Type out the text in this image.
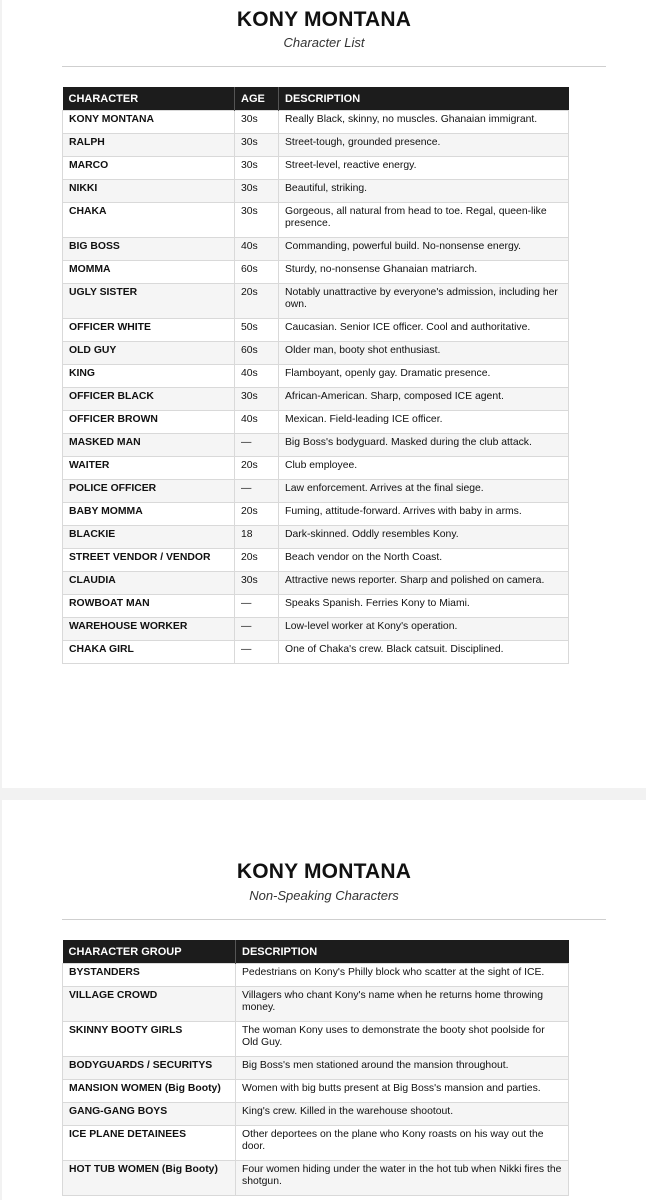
KONY MONTANA
Character List
CHARACTER	AGE	DESCRIPTION
KONY MONTANA	30s	Really Black, skinny, no muscles. Ghanaian immigrant.
RALPH	30s	Street-tough, grounded presence.
MARCO	30s	Street-level, reactive energy.
NIKKI	30s	Beautiful, striking.
CHAKA	30s	Gorgeous, all natural from head to toe. Regal, queen-like presence.
BIG BOSS	40s	Commanding, powerful build. No-nonsense energy.
MOMMA	60s	Sturdy, no-nonsense Ghanaian matriarch.
UGLY SISTER	20s	Notably unattractive by everyone's admission, including her own.
OFFICER WHITE	50s	Caucasian. Senior ICE officer. Cool and authoritative.
OLD GUY	60s	Older man, booty shot enthusiast.
KING	40s	Flamboyant, openly gay. Dramatic presence.
OFFICER BLACK	30s	African-American. Sharp, composed ICE agent.
OFFICER BROWN	40s	Mexican. Field-leading ICE officer.
MASKED MAN	—	Big Boss's bodyguard. Masked during the club attack.
WAITER	20s	Club employee.
POLICE OFFICER	—	Law enforcement. Arrives at the final siege.
BABY MOMMA	20s	Fuming, attitude-forward. Arrives with baby in arms.
BLACKIE	18	Dark-skinned. Oddly resembles Kony.
STREET VENDOR / VENDOR	20s	Beach vendor on the North Coast.
CLAUDIA	30s	Attractive news reporter. Sharp and polished on camera.
ROWBOAT MAN	—	Speaks Spanish. Ferries Kony to Miami.
WAREHOUSE WORKER	—	Low-level worker at Kony's operation.
CHAKA GIRL	—	One of Chaka's crew. Black catsuit. Disciplined.
KONY MONTANA
Non-Speaking Characters
CHARACTER GROUP	DESCRIPTION
BYSTANDERS	Pedestrians on Kony's Philly block who scatter at the sight of ICE.
VILLAGE CROWD	Villagers who chant Kony's name when he returns home throwing money.
SKINNY BOOTY GIRLS	The woman Kony uses to demonstrate the booty shot poolside for Old Guy.
BODYGUARDS / SECURITYS	Big Boss's men stationed around the mansion throughout.
MANSION WOMEN (Big Booty)	Women with big butts present at Big Boss's mansion and parties.
GANG-GANG BOYS	King's crew. Killed in the warehouse shootout.
ICE PLANE DETAINEES	Other deportees on the plane who Kony roasts on his way out the door.
HOT TUB WOMEN (Big Booty)	Four women hiding under the water in the hot tub when Nikki fires the shotgun.
